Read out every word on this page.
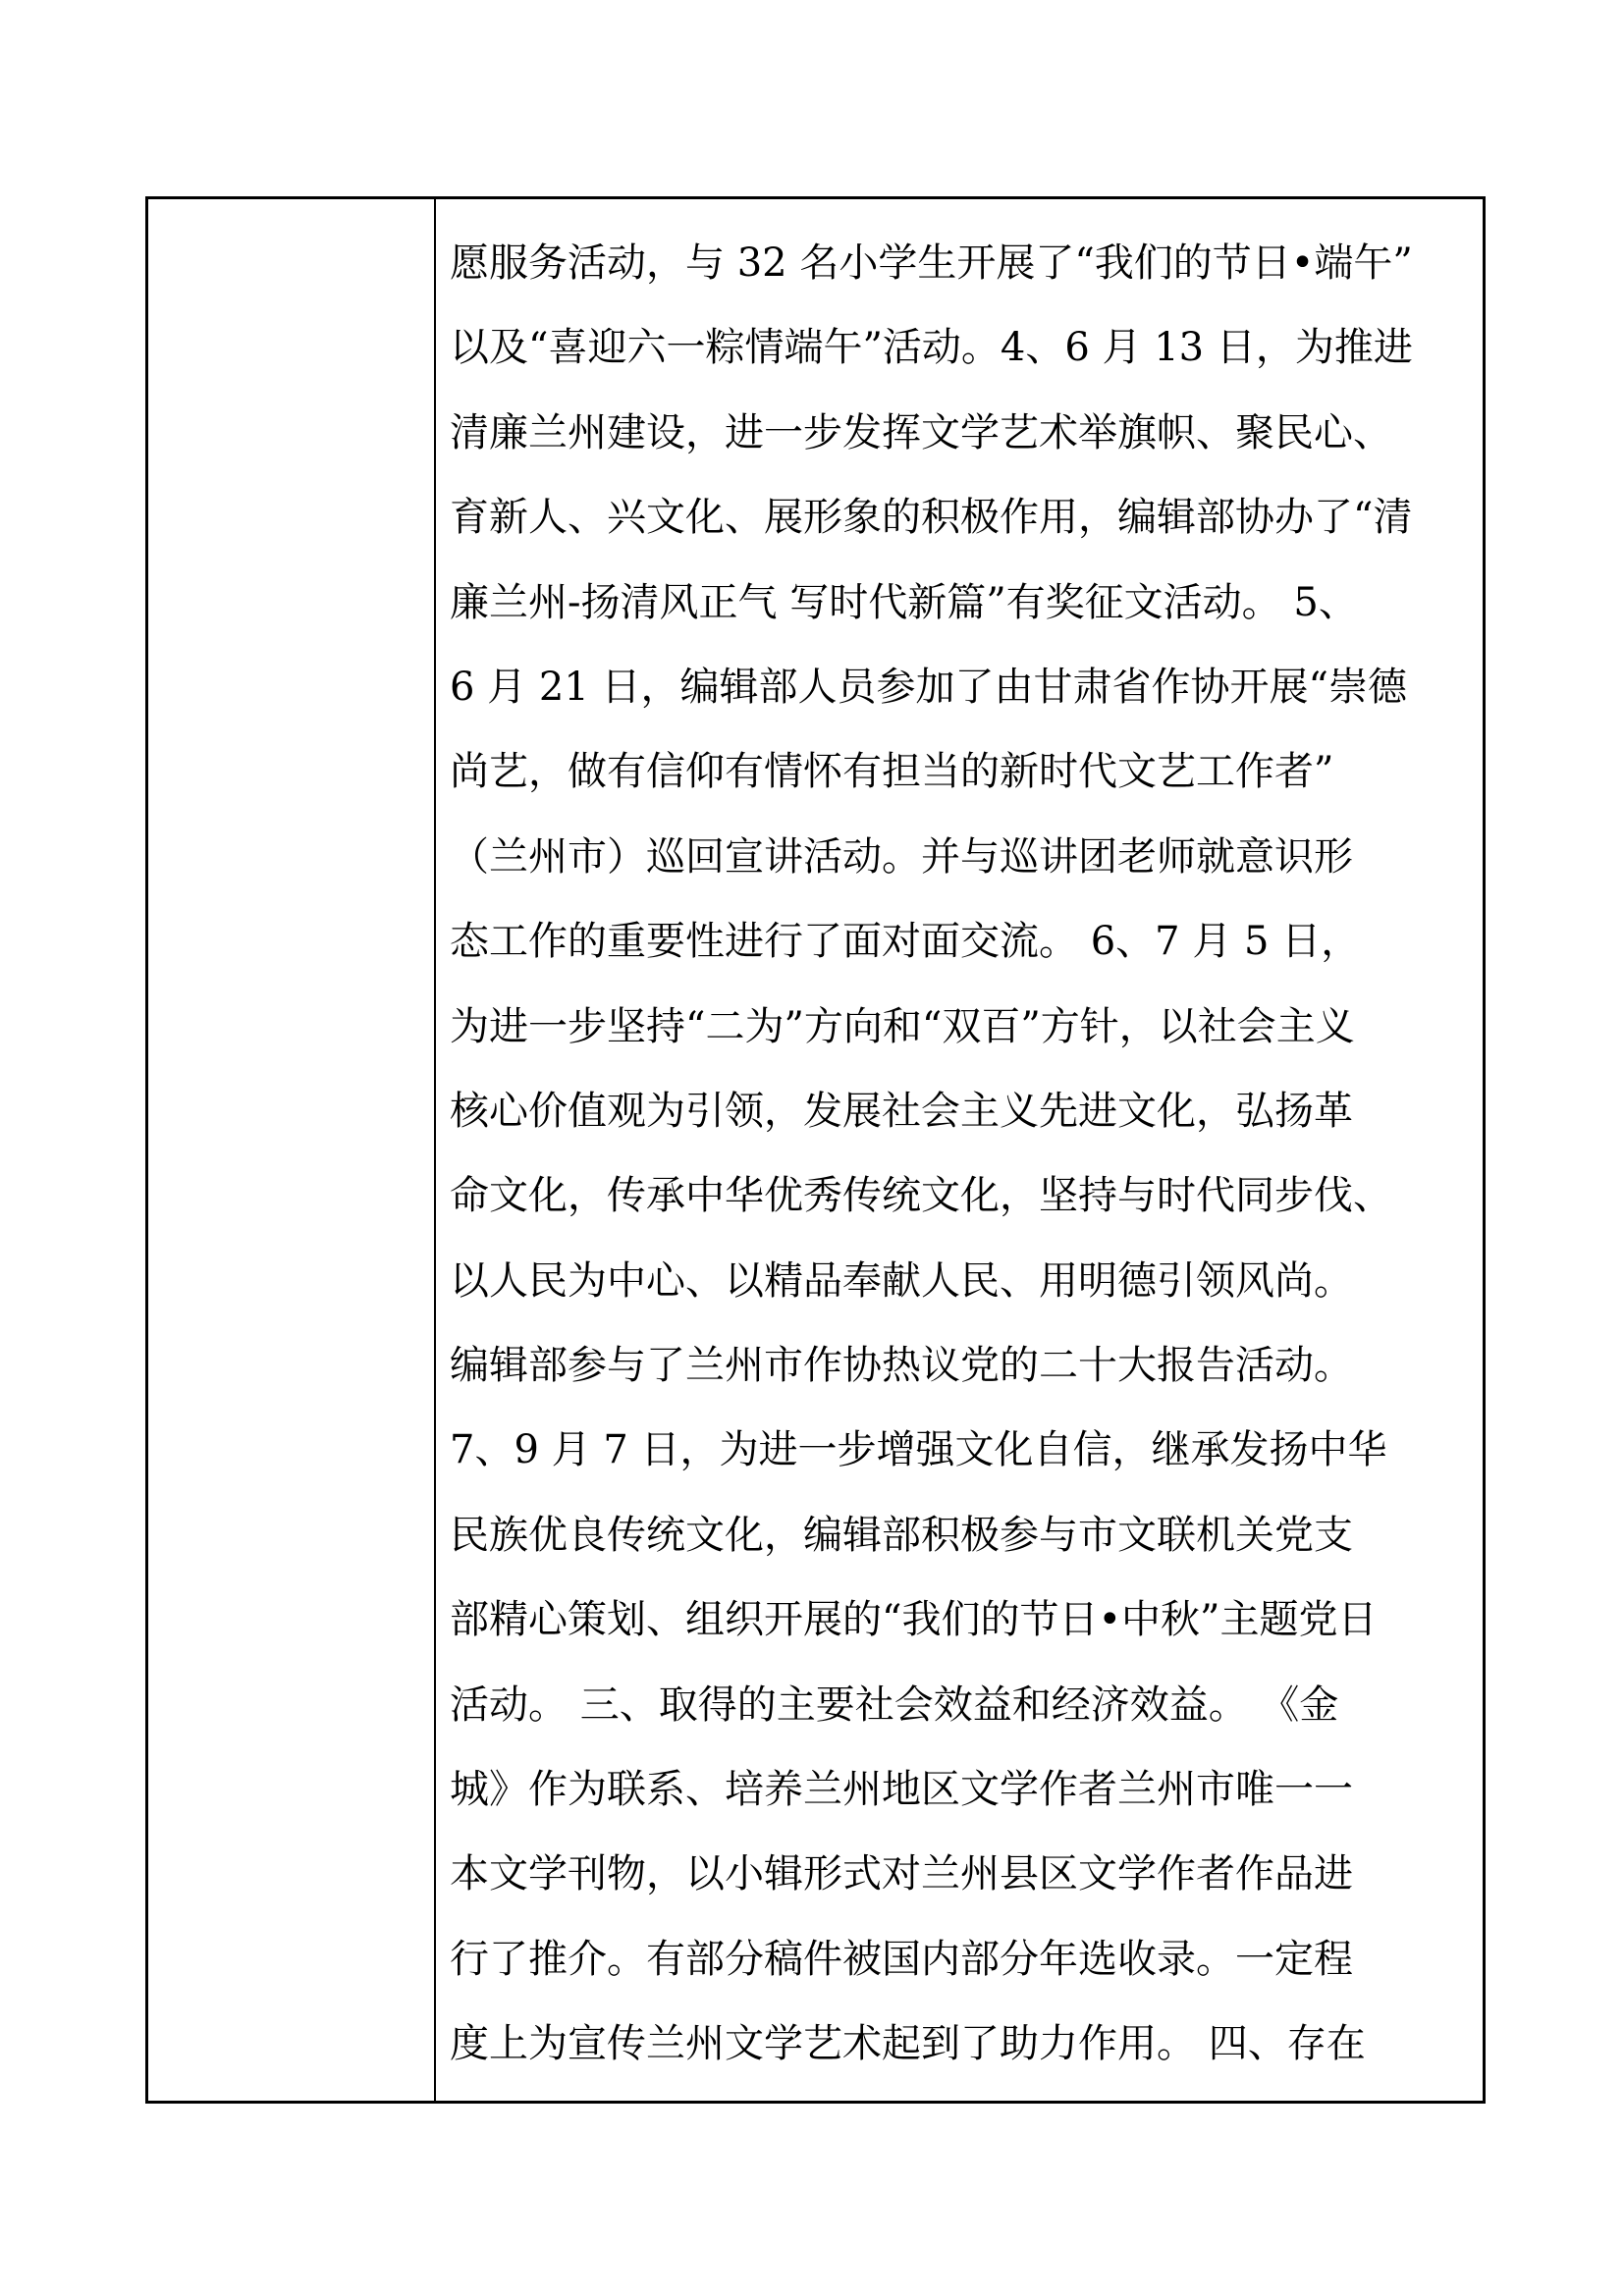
愿服务活动，与 32 名小学生开展了“我们的节日•端午”
以及“喜迎六一粽情端午”活动。4、6 月 13 日，为推进
清廉兰州建设，进一步发挥文学艺术举旗帜、聚民心、
育新人、兴文化、展形象的积极作用，编辑部协办了“清
廉兰州-扬清风正气 写时代新篇”有奖征文活动。 5、
6 月 21 日，编辑部人员参加了由甘肃省作协开展“崇德
尚艺，做有信仰有情怀有担当的新时代文艺工作者”
（兰州市）巡回宣讲活动。并与巡讲团老师就意识形
态工作的重要性进行了面对面交流。 6、7 月 5 日，
为进一步坚持“二为”方向和“双百”方针，以社会主义
核心价值观为引领，发展社会主义先进文化，弘扬革
命文化，传承中华优秀传统文化，坚持与时代同步伐、
以人民为中心、以精品奉献人民、用明德引领风尚。
编辑部参与了兰州市作协热议党的二十大报告活动。
7、9 月 7 日，为进一步增强文化自信，继承发扬中华
民族优良传统文化，编辑部积极参与市文联机关党支
部精心策划、组织开展的“我们的节日•中秋”主题党日
活动。 三、取得的主要社会效益和经济效益。 《金
城》作为联系、培养兰州地区文学作者兰州市唯一一
本文学刊物，以小辑形式对兰州县区文学作者作品进
行了推介。有部分稿件被国内部分年选收录。一定程
度上为宣传兰州文学艺术起到了助力作用。 四、存在
